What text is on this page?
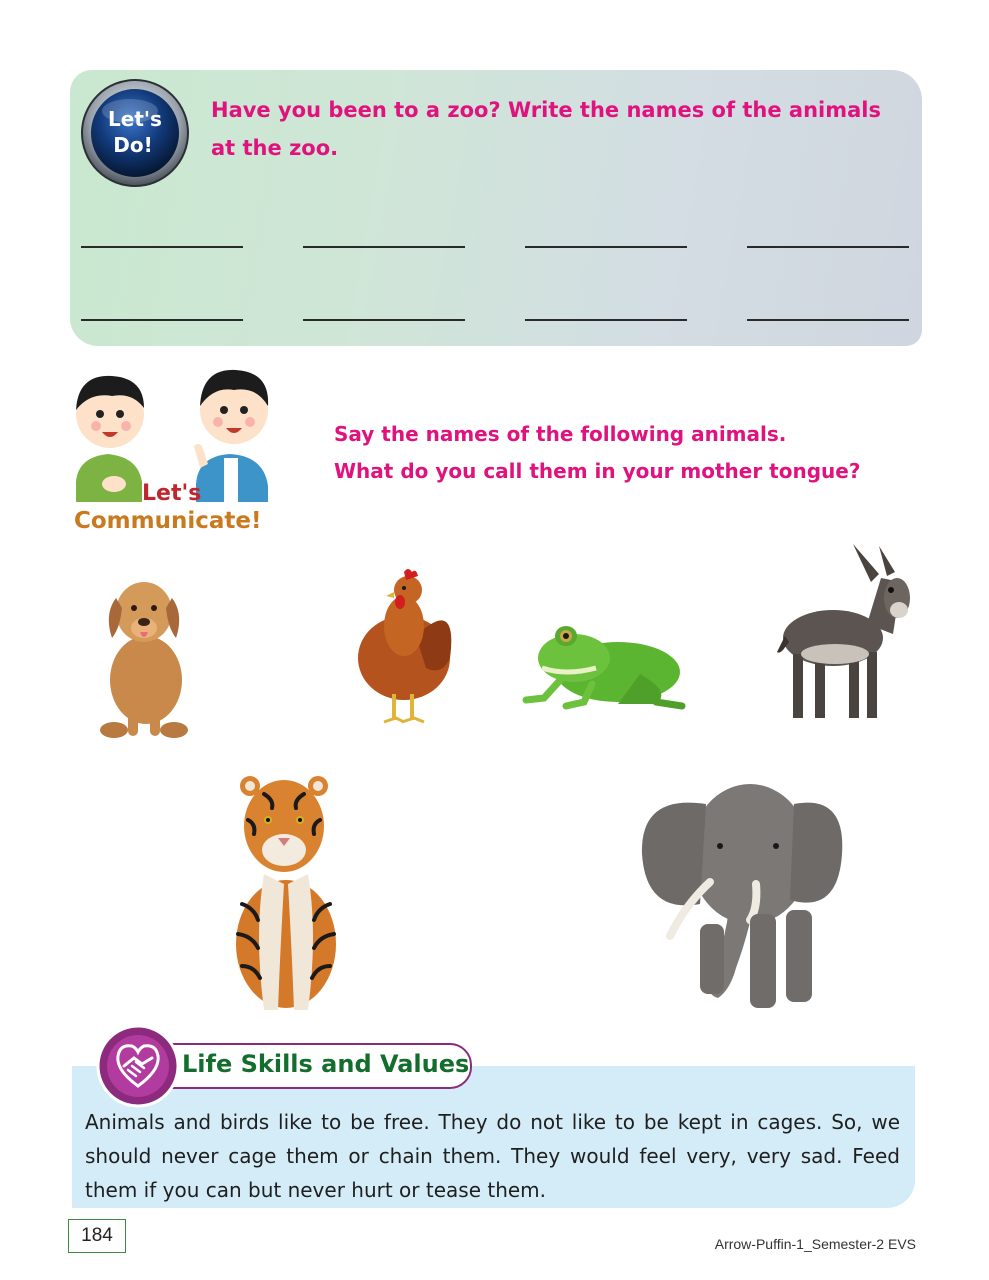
Let's
Do!

Have you been to a zoo? Write the names of the animals at the zoo.

Let's
Communicate!
Say the names of the following animals.
What do you call them in your mother tongue?
Life Skills and Values

Animals and birds like to be free. They do not like to be kept in cages. So, we should never cage them or chain them. They would feel very, very sad. Feed them if you can but never hurt or tease them.

184	Arrow-Puffin-1_Semester-2 EVS
